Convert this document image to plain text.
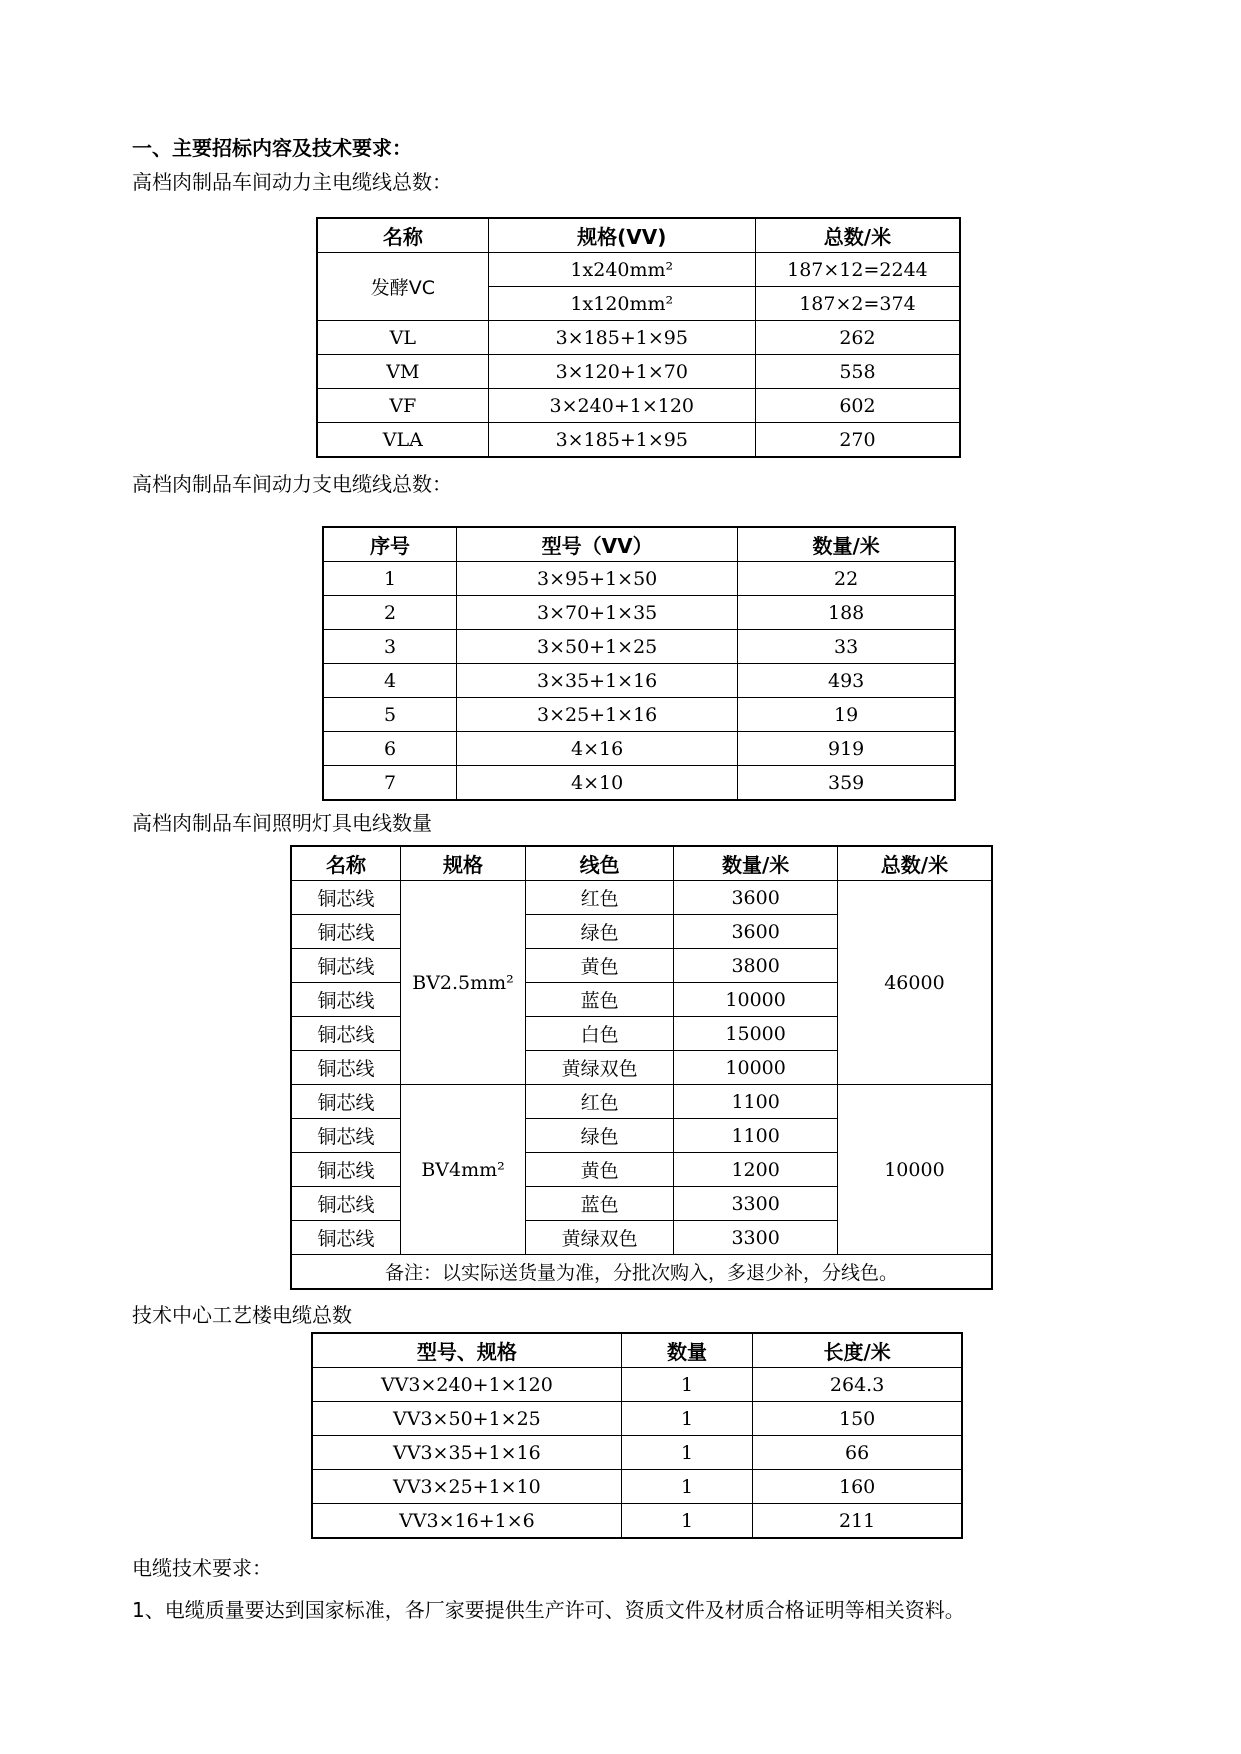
一、主要招标内容及技术要求：
高档肉制品车间动力主电缆线总数：
名称	规格(VV)	总数/米
发酵VC	1x240mm²	187×12=2244
	1x120mm²	187×2=374
VL	3×185+1×95	262
VM	3×120+1×70	558
VF	3×240+1×120	602
VLA	3×185+1×95	270
高档肉制品车间动力支电缆线总数：
序号	型号（VV）	数量/米
1	3×95+1×50	22
2	3×70+1×35	188
3	3×50+1×25	33
4	3×35+1×16	493
5	3×25+1×16	19
6	4×16	919
7	4×10	359
高档肉制品车间照明灯具电线数量
名称	规格	线色	数量/米	总数/米
铜芯线	BV2.5mm²	红色	3600	46000
铜芯线		绿色	3600	
铜芯线		黄色	3800	
铜芯线		蓝色	10000	
铜芯线		白色	15000	
铜芯线		黄绿双色	10000	
铜芯线	BV4mm²	红色	1100	10000
铜芯线		绿色	1100	
铜芯线		黄色	1200	
铜芯线		蓝色	3300	
铜芯线		黄绿双色	3300	
备注：以实际送货量为准，分批次购入，多退少补，分线色。				
技术中心工艺楼电缆总数
型号、规格	数量	长度/米
VV3×240+1×120	1	264.3
VV3×50+1×25	1	150
VV3×35+1×16	1	66
VV3×25+1×10	1	160
VV3×16+1×6	1	211
电缆技术要求：
1、电缆质量要达到国家标准，各厂家要提供生产许可、资质文件及材质合格证明等相关资料。
